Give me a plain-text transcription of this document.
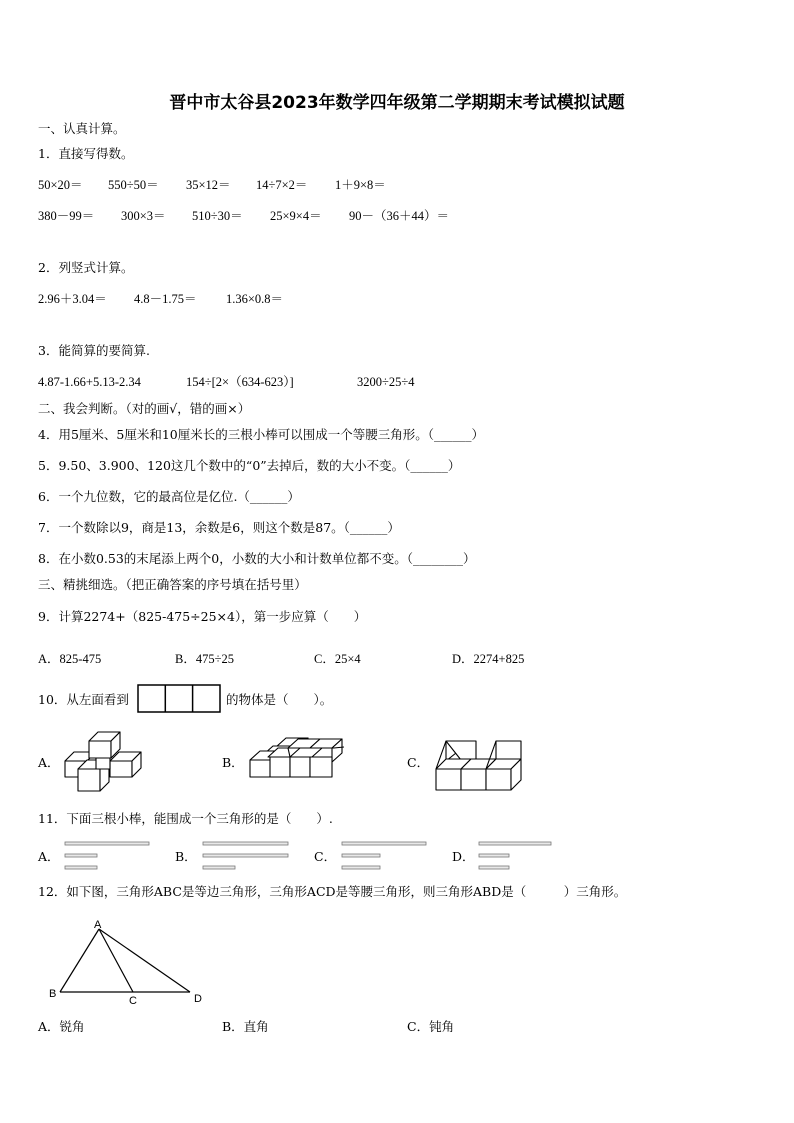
晋中市太谷县2023年数学四年级第二学期期末考试模拟试题
一、认真计算。
1．直接写得数。
50×20＝ 550÷50＝ 35×12＝ 14÷7×2＝ 1＋9×8＝
380－99＝ 300×3＝ 510÷30＝ 25×9×4＝ 90－（36＋44）＝
2．列竖式计算。
2.96＋3.04＝ 4.8－1.75＝ 1.36×0.8＝
3．能简算的要简算.
4.87-1.66+5.13-2.34	154÷[2×（634-623）]	3200÷25÷4
二、我会判断。（对的画√，错的画×）
4．用5厘米、5厘米和10厘米长的三根小棒可以围成一个等腰三角形。（______）
5．9.50、3.900、120这几个数中的“0”去掉后，数的大小不变。（______）
6．一个九位数，它的最高位是亿位.（______）
7．一个数除以9，商是13，余数是6，则这个数是87。（______）
8．在小数0.53的末尾添上两个0，小数的大小和计数单位都不变。（________）
三、精挑细选。（把正确答案的序号填在括号里）
9．计算2274+（825-475÷25×4），第一步应算（　　）
A．825-475	B．475÷25	C．25×4	D．2274+825
10．从左面看到	的物体是（　　）。
A．	B．	C．
11．下面三根小棒，能围成一个三角形的是（　　）.
A．	B．	C．	D．
12．如下图，三角形ABC是等边三角形，三角形ACD是等腰三角形，则三角形ABD是（　　　）三角形。
A
B
C	D
A．锐角	B．直角	C．钝角
